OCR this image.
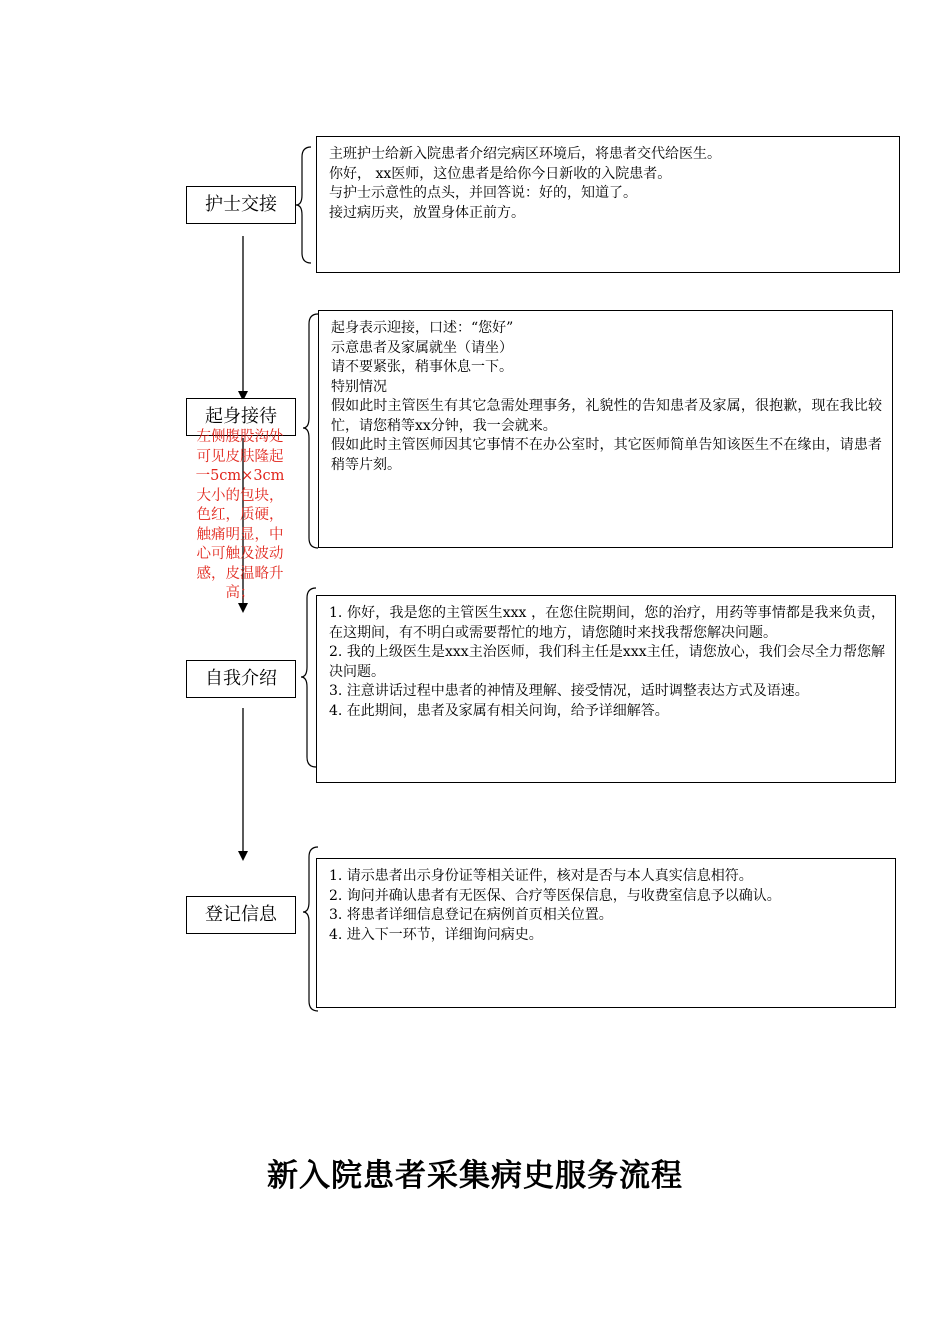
护士交接
起身接待
自我介绍
登记信息
主班护士给新入院患者介绍完病区环境后，将患者交代给医生。
你好， xx医师，这位患者是给你今日新收的入院患者。
与护士示意性的点头，并回答说：好的，知道了。
接过病历夹，放置身体正前方。
起身表示迎接，口述：“您好”
示意患者及家属就坐（请坐）
请不要紧张，稍事休息一下。
特别情况
假如此时主管医生有其它急需处理事务，礼貌性的告知患者及家属，很抱歉，现在我比较忙，请您稍等xx分钟，我一会就来。
假如此时主管医师因其它事情不在办公室时，其它医师简单告知该医生不在缘由，请患者稍等片刻。
1. 你好，我是您的主管医生xxx ，在您住院期间，您的治疗，用药等事情都是我来负责，在这期间，有不明白或需要帮忙的地方，请您随时来找我帮您解决问题。
2. 我的上级医生是xxx主治医师，我们科主任是xxx主任，请您放心，我们会尽全力帮您解决问题。
3. 注意讲话过程中患者的神情及理解、接受情况，适时调整表达方式及语速。
4. 在此期间，患者及家属有相关问询，给予详细解答。
1. 请示患者出示身份证等相关证件，核对是否与本人真实信息相符。
2. 询问并确认患者有无医保、合疗等医保信息，与收费室信息予以确认。
3. 将患者详细信息登记在病例首页相关位置。
4. 进入下一环节，详细询问病史。
左侧腹股沟处可见皮肤隆起一5cm×3cm大小的包块，色红，质硬，触痛明显，中心可触及波动感，皮温略升高；
新入院患者采集病史服务流程
